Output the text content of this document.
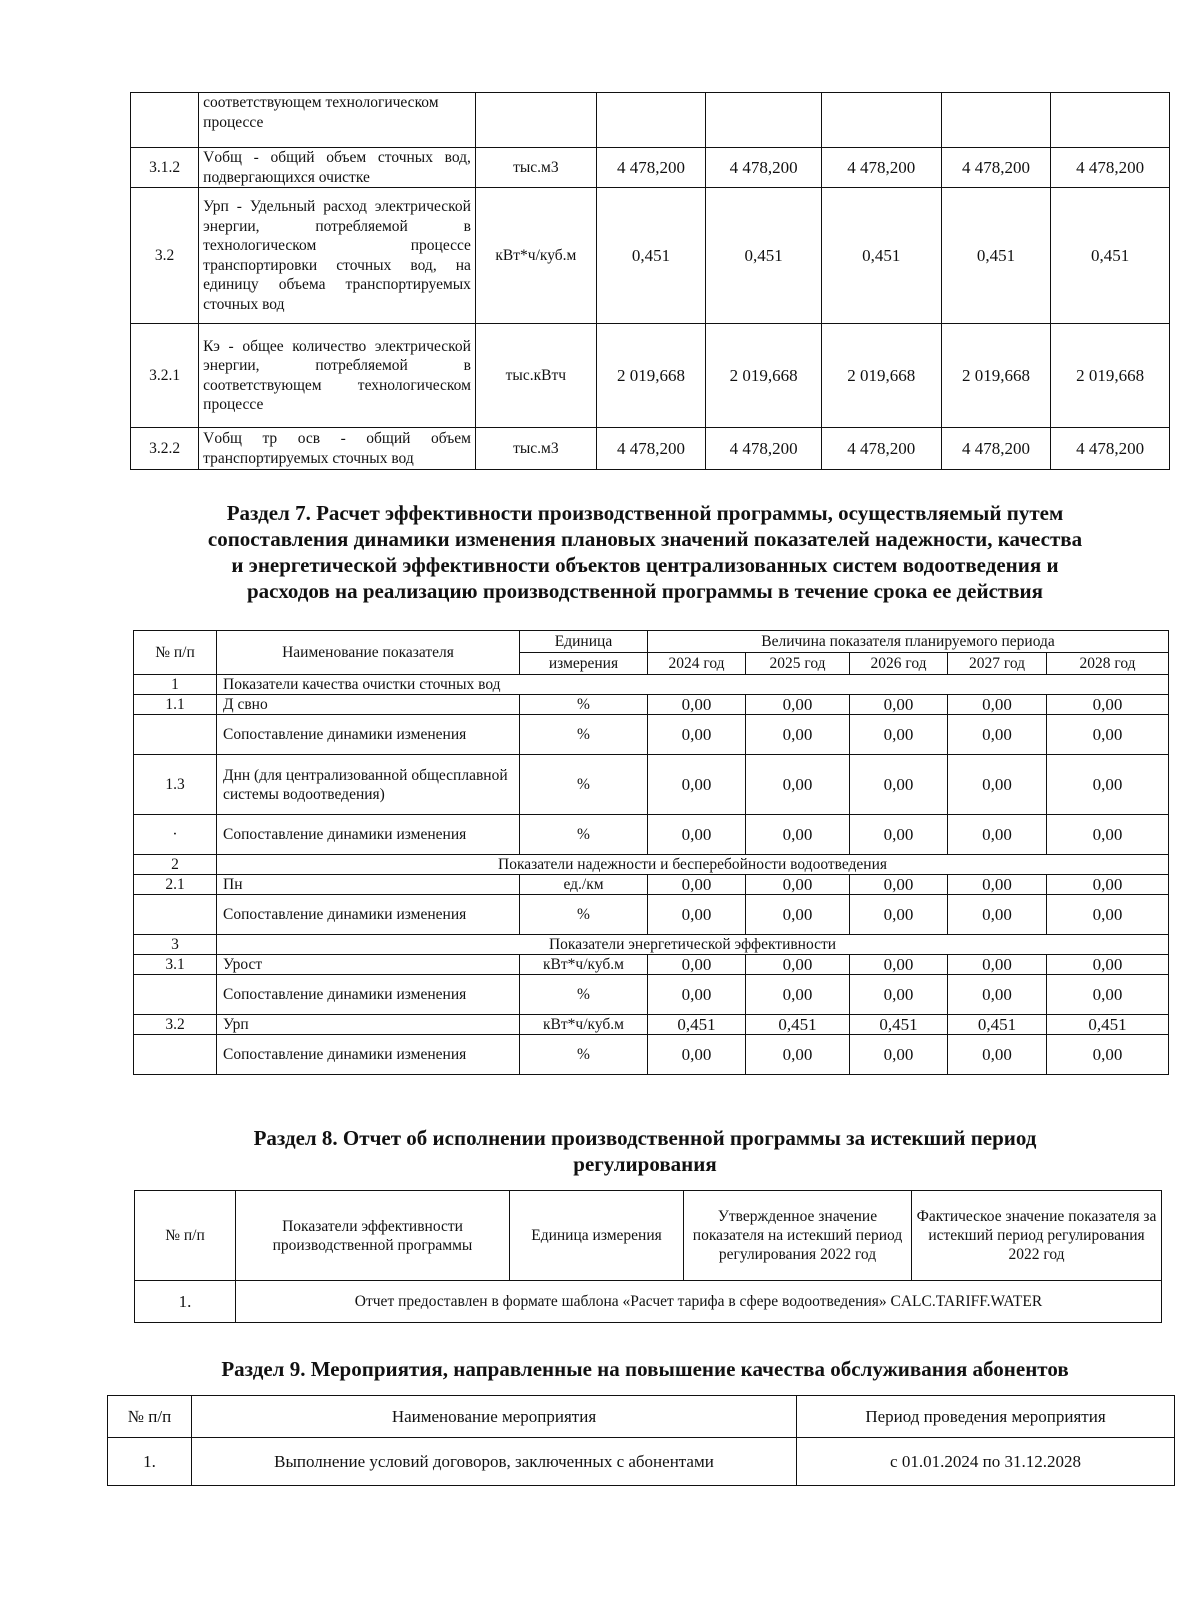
	соответствующем технологическом процессе						
3.1.2	Vобщ - общий объем сточных вод, подвергающихся очистке	тыс.м3	4 478,200	4 478,200	4 478,200	4 478,200	4 478,200
3.2	Урп - Удельный расход электрической энергии, потребляемой в технологическом процессе транспортировки сточных вод, на единицу объема транспортируемых сточных вод	кВт*ч/куб.м	0,451	0,451	0,451	0,451	0,451
3.2.1	Кэ - общее количество электрической энергии, потребляемой в соответствующем технологическом процессе	тыс.кВтч	2 019,668	2 019,668	2 019,668	2 019,668	2 019,668
3.2.2	Vобщ тр осв - общий объем транспортируемых сточных вод	тыс.м3	4 478,200	4 478,200	4 478,200	4 478,200	4 478,200
Раздел 7. Расчет эффективности производственной программы, осуществляемый путем
сопоставления динамики изменения плановых значений показателей надежности, качества
и энергетической эффективности объектов централизованных систем водоотведения и
расходов на реализацию производственной программы в течение срока ее действия
№ п/п	Наименование показателя	Единица	Величина показателя планируемого периода				
		измерения	2024 год	2025 год	2026 год	2027 год	2028 год
1	Показатели качества очистки сточных вод						
1.1	Д свно	%	0,00	0,00	0,00	0,00	0,00
	Сопоставление динамики изменения	%	0,00	0,00	0,00	0,00	0,00
1.3	Днн (для централизованной общесплавной системы водоотведения)	%	0,00	0,00	0,00	0,00	0,00
·	Сопоставление динамики изменения	%	0,00	0,00	0,00	0,00	0,00
2	Показатели надежности и бесперебойности водоотведения						
2.1	Пн	ед./км	0,00	0,00	0,00	0,00	0,00
	Сопоставление динамики изменения	%	0,00	0,00	0,00	0,00	0,00
3	Показатели энергетической эффективности						
3.1	Урост	кВт*ч/куб.м	0,00	0,00	0,00	0,00	0,00
	Сопоставление динамики изменения	%	0,00	0,00	0,00	0,00	0,00
3.2	Урп	кВт*ч/куб.м	0,451	0,451	0,451	0,451	0,451
	Сопоставление динамики изменения	%	0,00	0,00	0,00	0,00	0,00
Раздел 8. Отчет об исполнении производственной программы за истекший период
регулирования
№ п/п	Показатели эффективности производственной программы	Единица измерения	Утвержденное значение показателя на истекший период регулирования 2022 год	Фактическое значение показателя за истекший период регулирования 2022 год
1.	Отчет предоставлен в формате шаблона «Расчет тарифа в сфере водоотведения» CALC.TARIFF.WATER			
Раздел 9. Мероприятия, направленные на повышение качества обслуживания абонентов
№ п/п	Наименование мероприятия	Период проведения мероприятия
1.	Выполнение условий договоров, заключенных с абонентами	с 01.01.2024 по 31.12.2028
